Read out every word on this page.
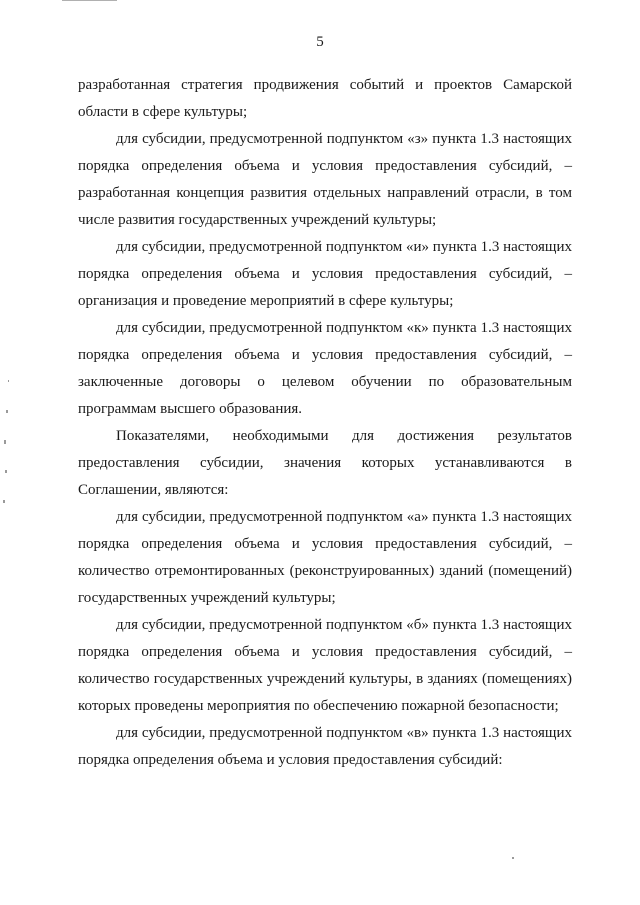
5

разработанная стратегия продвижения событий и проектов Самарской области в сфере культуры;

для субсидии, предусмотренной подпунктом «з» пункта 1.3 настоящих порядка определения объема и условия предоставления субсидий, – разработанная концепция развития отдельных направлений отрасли, в том числе развития государственных учреждений культуры;

для субсидии, предусмотренной подпунктом «и» пункта 1.3 настоящих порядка определения объема и условия предоставления субсидий, – организация и проведение мероприятий в сфере культуры;

для субсидии, предусмотренной подпунктом «к» пункта 1.3 настоящих порядка определения объема и условия предоставления субсидий, – заключенные договоры о целевом обучении по образовательным программам высшего образования.

Показателями, необходимыми для достижения результатов предоставления субсидии, значения которых устанавливаются в Соглашении, являются:

для субсидии, предусмотренной подпунктом «а» пункта 1.3 настоящих порядка определения объема и условия предоставления субсидий, – количество отремонтированных (реконструированных) зданий (помещений) государственных учреждений культуры;

для субсидии, предусмотренной подпунктом «б» пункта 1.3 настоящих порядка определения объема и условия предоставления субсидий, – количество государственных учреждений культуры, в зданиях (помещениях) которых проведены мероприятия по обеспечению пожарной безопасности;

для субсидии, предусмотренной подпунктом «в» пункта 1.3 настоящих порядка определения объема и условия предоставления субсидий:
